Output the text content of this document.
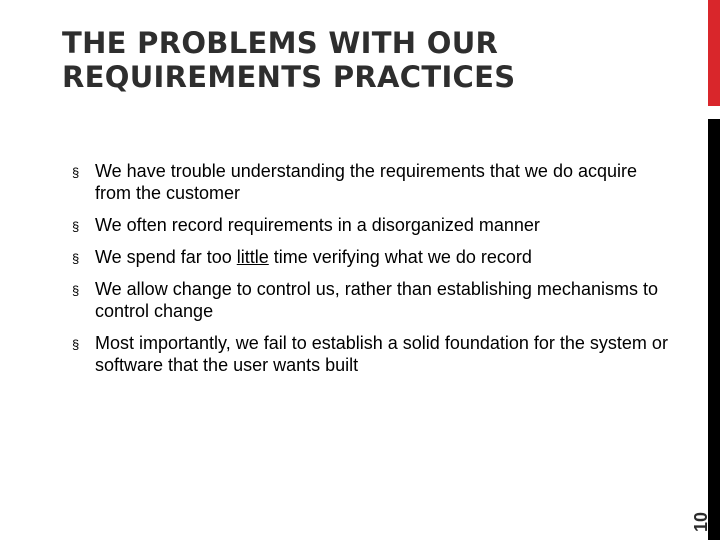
THE PROBLEMS WITH OUR
REQUIREMENTS PRACTICES
10
§ We have trouble understanding the requirements that we do acquire from the customer
§ We often record requirements in a disorganized manner
§ We spend far too little time verifying what we do record
§ We allow change to control us, rather than establishing mechanisms to control change
§ Most importantly, we fail to establish a solid foundation for the system or software that the user wants built
